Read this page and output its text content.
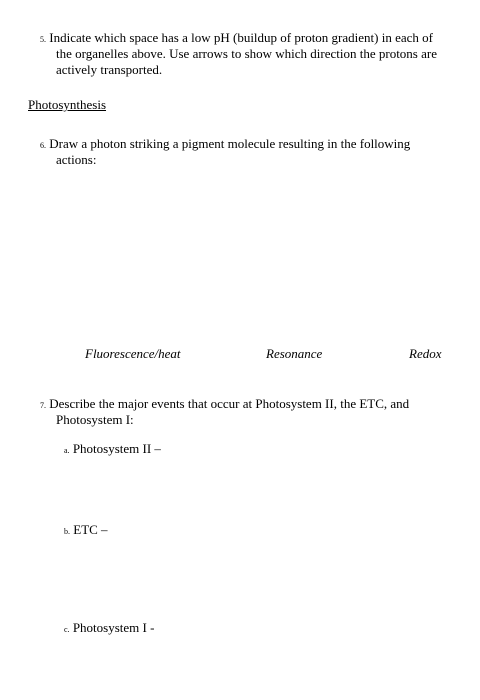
5. Indicate which space has a low pH (buildup of proton gradient) in each of
the organelles above. Use arrows to show which direction the protons are
actively transported.
Photosynthesis
6. Draw a photon striking a pigment molecule resulting in the following
actions:
Fluorescence/heat	Resonance	Redox
7. Describe the major events that occur at Photosystem II, the ETC, and
Photosystem I:
a. Photosystem II –
b. ETC –
c. Photosystem I -
